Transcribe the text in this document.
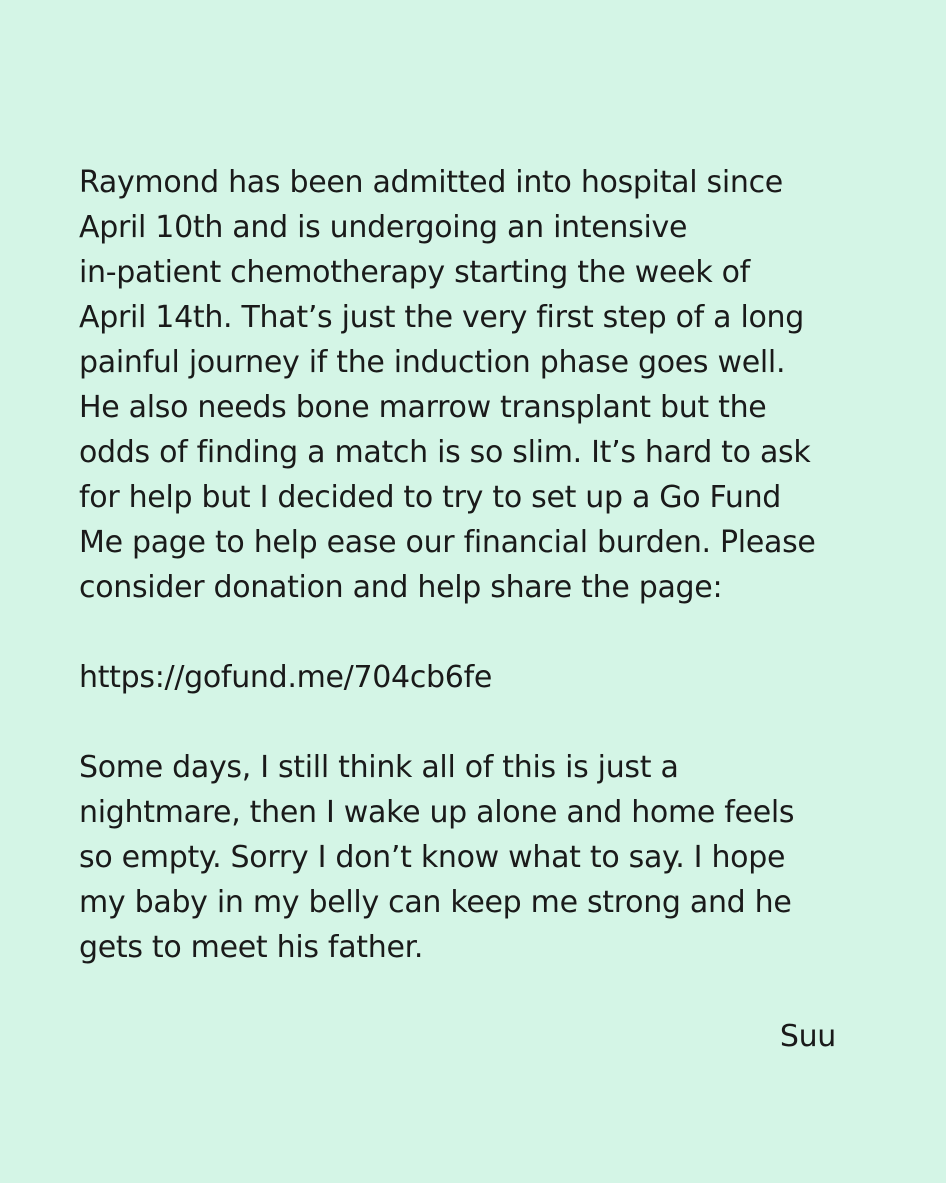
Raymond has been admitted into hospital since
April 10th and is undergoing an intensive
in-patient chemotherapy starting the week of
April 14th. That’s just the very first step of a long
painful journey if the induction phase goes well.
He also needs bone marrow transplant but the
odds of finding a match is so slim. It’s hard to ask
for help but I decided to try to set up a Go Fund
Me page to help ease our financial burden. Please
consider donation and help share the page:
https://gofund.me/704cb6fe
Some days, I still think all of this is just a
nightmare, then I wake up alone and home feels
so empty. Sorry I don’t know what to say. I hope
my baby in my belly can keep me strong and he
gets to meet his father.
Suu
